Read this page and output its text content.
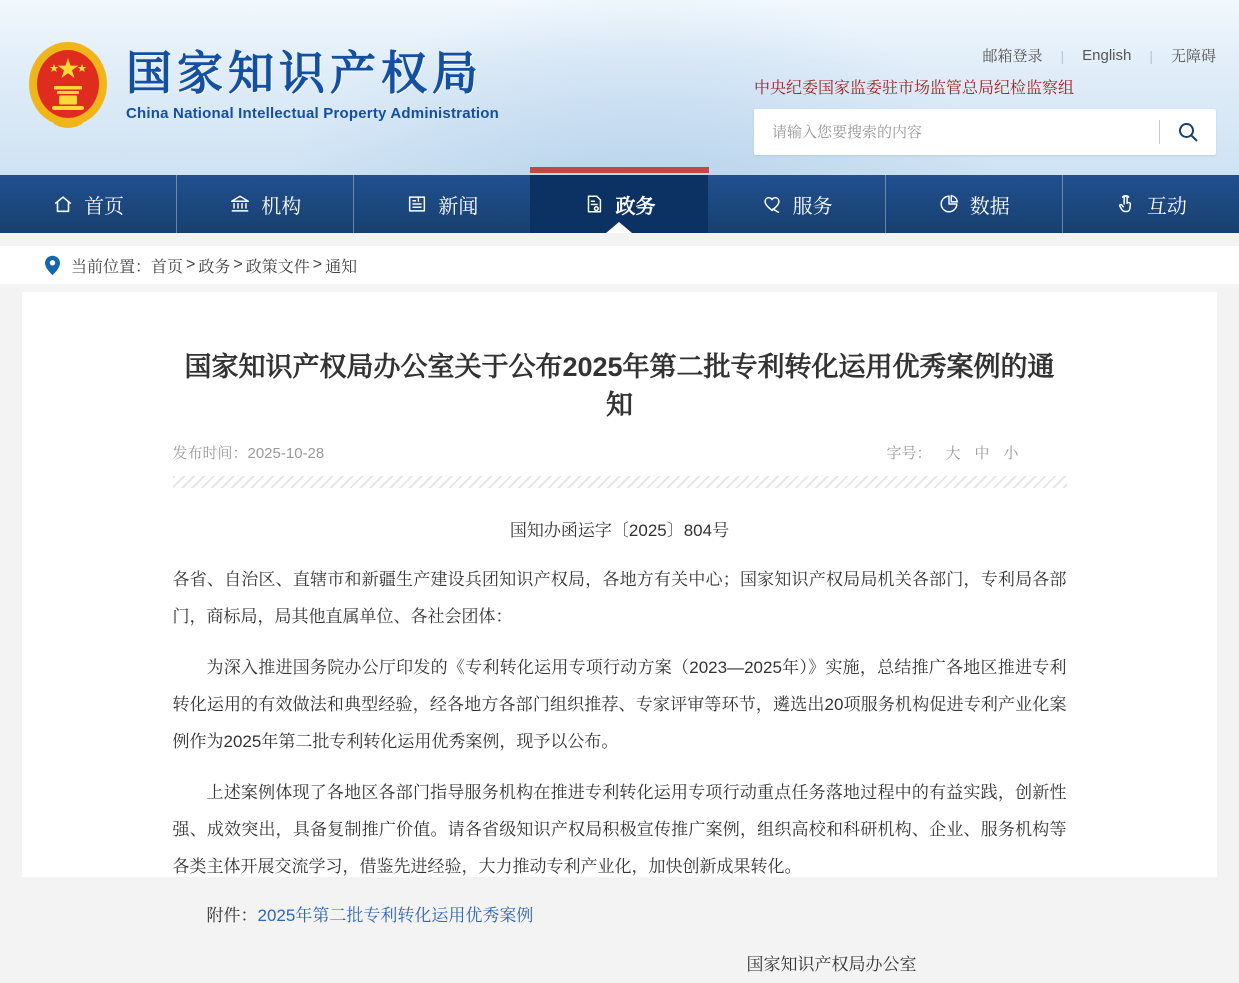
国家知识产权局
China National Intellectual Property Administration
邮箱登录 | English | 无障碍
中央纪委国家监委驻市场监管总局纪检监察组
请输入您要搜索的内容
首页	机构	新闻	政务	服务	数据	互动
当前位置： 首页 > 政务 > 政策文件 > 通知
国家知识产权局办公室关于公布2025年第二批专利转化运用优秀案例的通知
发布时间：2025-10-28	字号： 大 中 小
国知办函运字〔2025〕804号

各省、自治区、直辖市和新疆生产建设兵团知识产权局，各地方有关中心；国家知识产权局局机关各部门，专利局各部门，商标局，局其他直属单位、各社会团体：

为深入推进国务院办公厅印发的《专利转化运用专项行动方案（2023—2025年）》实施，总结推广各地区推进专利转化运用的有效做法和典型经验，经各地方各部门组织推荐、专家评审等环节，遴选出20项服务机构促进专利产业化案例作为2025年第二批专利转化运用优秀案例，现予以公布。

上述案例体现了各地区各部门指导服务机构在推进专利转化运用专项行动重点任务落地过程中的有益实践，创新性强、成效突出，具备复制推广价值。请各省级知识产权局积极宣传推广案例，组织高校和科研机构、企业、服务机构等各类主体开展交流学习，借鉴先进经验，大力推动专利产业化，加快创新成果转化。

附件：2025年第二批专利转化运用优秀案例

国家知识产权局办公室
